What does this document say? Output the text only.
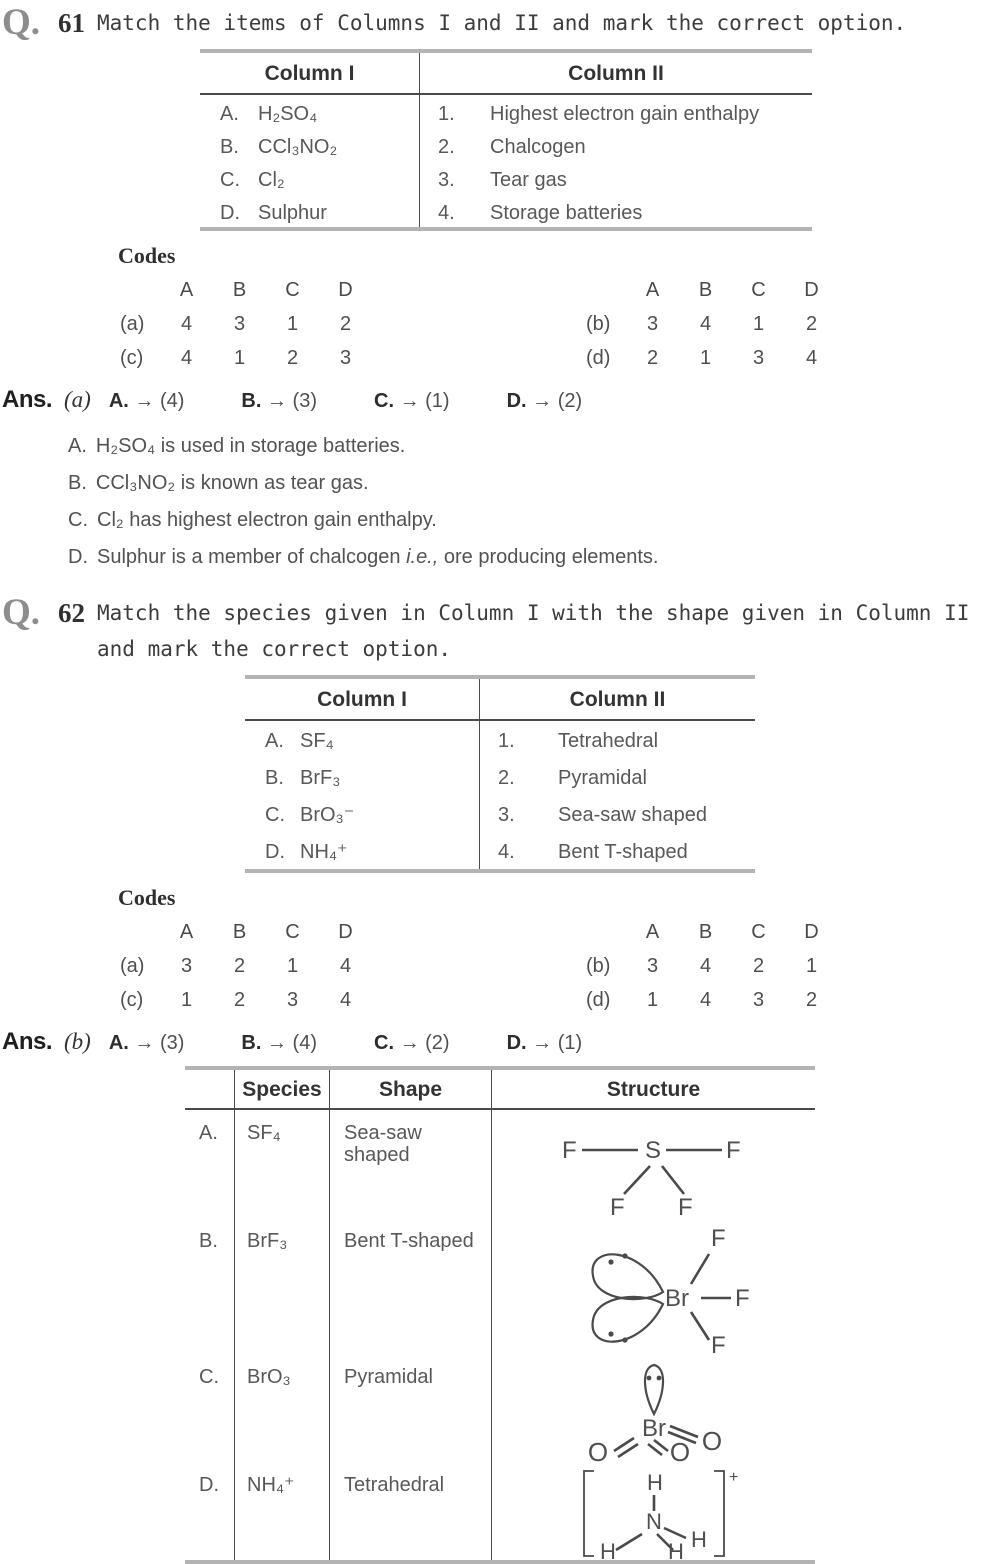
Q. 61 Match the items of Columns I and II and mark the correct option.
Column I	Column II
A. H₂SO₄	1.	Highest electron gain enthalpy
B. CCl₃NO₂	2.	Chalcogen
C. Cl₂	3.	Tear gas
D. Sulphur	4.	Storage batteries
Codes
A	B	C	D
(a)	4	3	1	2
(c)	4	1	2	3
A	B	C	D
(b)	3	4	1	2
(d)	2	1	3	4
Ans. (a) A. → (4)	B. → (3)	C. → (1)	D. → (2)
A. H₂SO₄ is used in storage batteries.
B. CCl₃NO₂ is known as tear gas.
C. Cl₂ has highest electron gain enthalpy.
D. Sulphur is a member of chalcogen i.e., ore producing elements.
Q. 62 Match the species given in Column I with the shape given in Column II
and mark the correct option.
Column I	Column II
A. SF₄	1.	Tetrahedral
B. BrF₃	2.	Pyramidal
C. BrO₃⁻	3.	Sea-saw shaped
D. NH₄⁺	4.	Bent T-shaped
Codes
A	B	C	D
(a)	3	2	1	4
(c)	1	2	3	4
A	B	C	D
(b)	3	4	2	1
(d)	1	4	3	2
Ans. (b) A. → (3)	B. → (4)	C. → (2)	D. → (1)
Species	Shape	Structure
A.	SF₄	Sea-saw shaped	F	S	F
F F
B.	BrF₃	Bent T-shaped
Br
F
F
F
C.	BrO₃	Pyramidal
Br O
O O
D.	NH₄⁺	Tetrahedral	+
H
N
H
H H
